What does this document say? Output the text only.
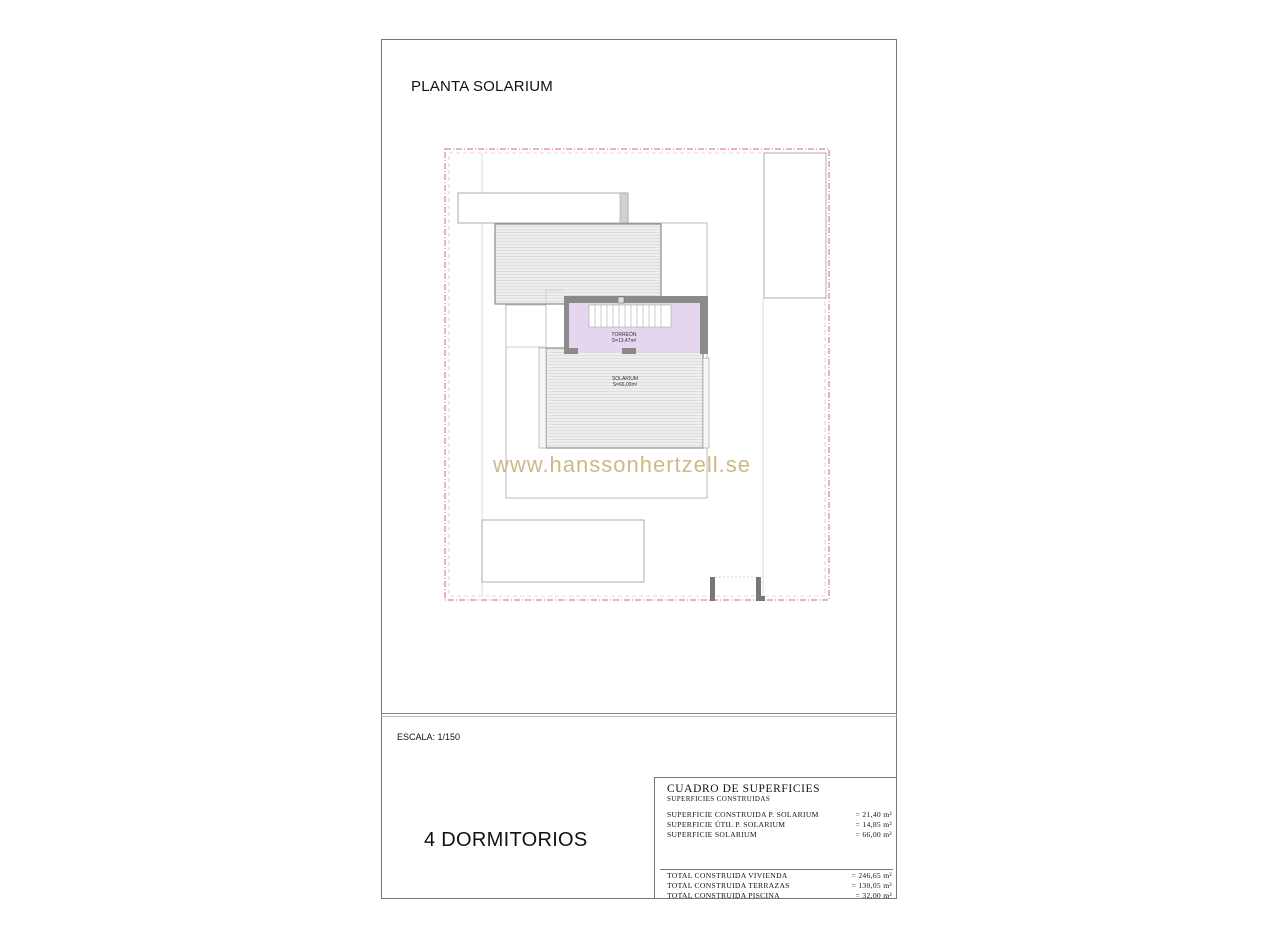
PLANTA SOLARIUM
TORREÓN
S=13,47m²
SOLARIUM
S=66,00m²
www.hanssonhertzell.se
ESCALA: 1/150
4 DORMITORIOS
CUADRO DE SUPERFICIES
SUPERFICIES CONSTRUIDAS
SUPERFICIE CONSTRUIDA P. SOLARIUM	= 21,40 m²
SUPERFICIE ÚTIL P. SOLARIUM	= 14,85 m²
SUPERFICIE SOLARIUM	= 66,00 m²
TOTAL CONSTRUIDA VIVIENDA	= 246,65 m²
TOTAL CONSTRUIDA TERRAZAS	= 130,05 m²
TOTAL CONSTRUIDA PISCINA	= 32,00 m²
